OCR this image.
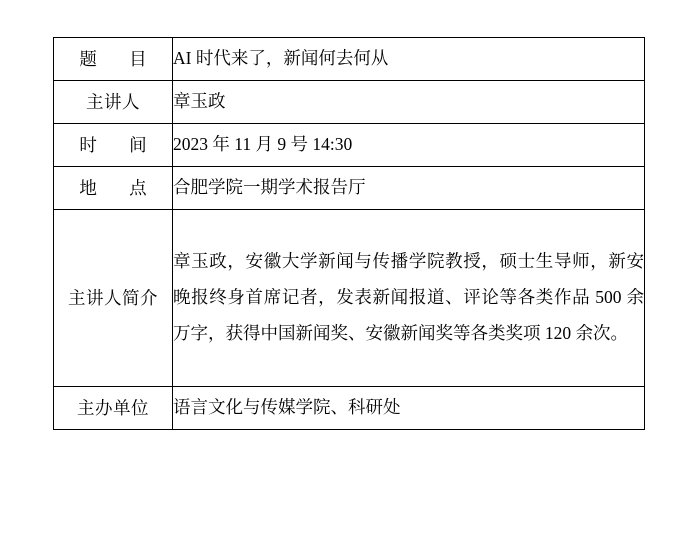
题 目	AI 时代来了，新闻何去何从
主讲人	章玉政
时 间	2023 年 11 月 9 号 14:30
地 点	合肥学院一期学术报告厅
主讲人简介	章玉政，安徽大学新闻与传播学院教授，硕士生导师，新安晚报终身首席记者，发表新闻报道、评论等各类作品 500 余万字，获得中国新闻奖、安徽新闻奖等各类奖项 120 余次。
主办单位	语言文化与传媒学院、科研处
